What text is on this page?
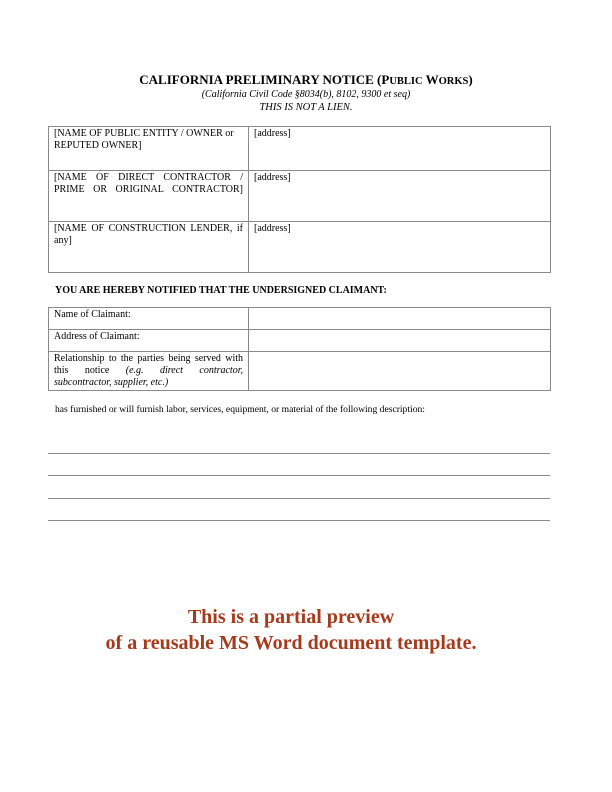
CALIFORNIA PRELIMINARY NOTICE (PUBLIC WORKS)
(California Civil Code §8034(b), 8102, 9300 et seq)
THIS IS NOT A LIEN.
[NAME OF PUBLIC ENTITY / OWNER or REPUTED OWNER]	[address]
[NAME OF DIRECT CONTRACTOR / PRIME OR ORIGINAL CONTRACTOR]	[address]
[NAME OF CONSTRUCTION LENDER, if any]	[address]
YOU ARE HEREBY NOTIFIED THAT THE UNDERSIGNED CLAIMANT:
Name of Claimant:	
Address of Claimant:	
Relationship to the parties being served with this notice (e.g. direct contractor, subcontractor, supplier, etc.)	
has furnished or will furnish labor, services, equipment, or material of the following description:
This is a partial preview
of a reusable MS Word document template.
